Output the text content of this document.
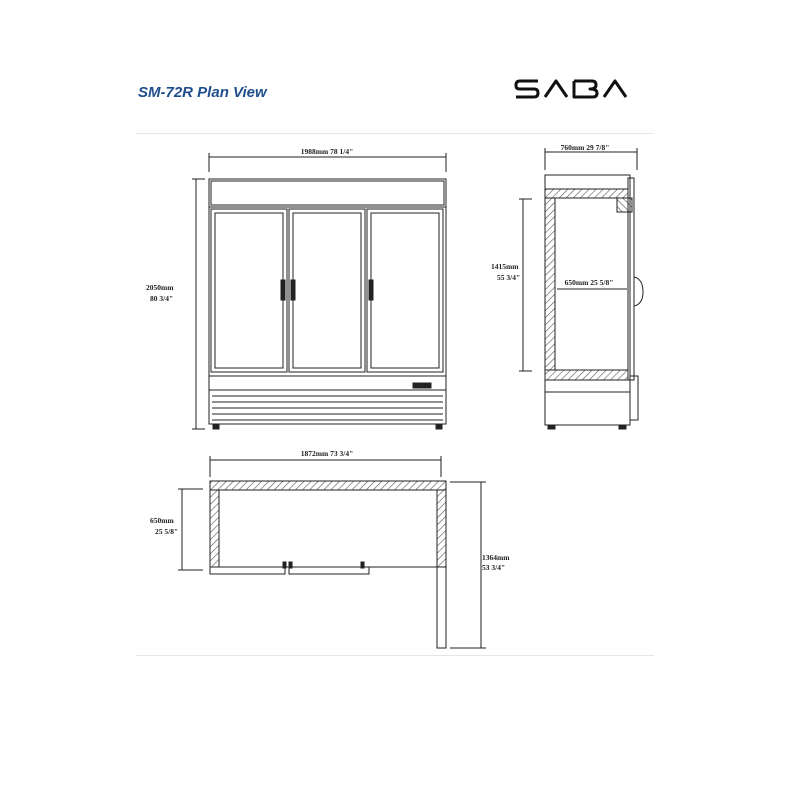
SM-72R Plan View
1988mm 78 1/4"
2050mm
80 3/4"
760mm 29 7/8"
1415mm
55 3/4"
650mm 25 5/8"
1872mm 73 3/4"
650mm
25 5/8"
1364mm
53 3/4"
